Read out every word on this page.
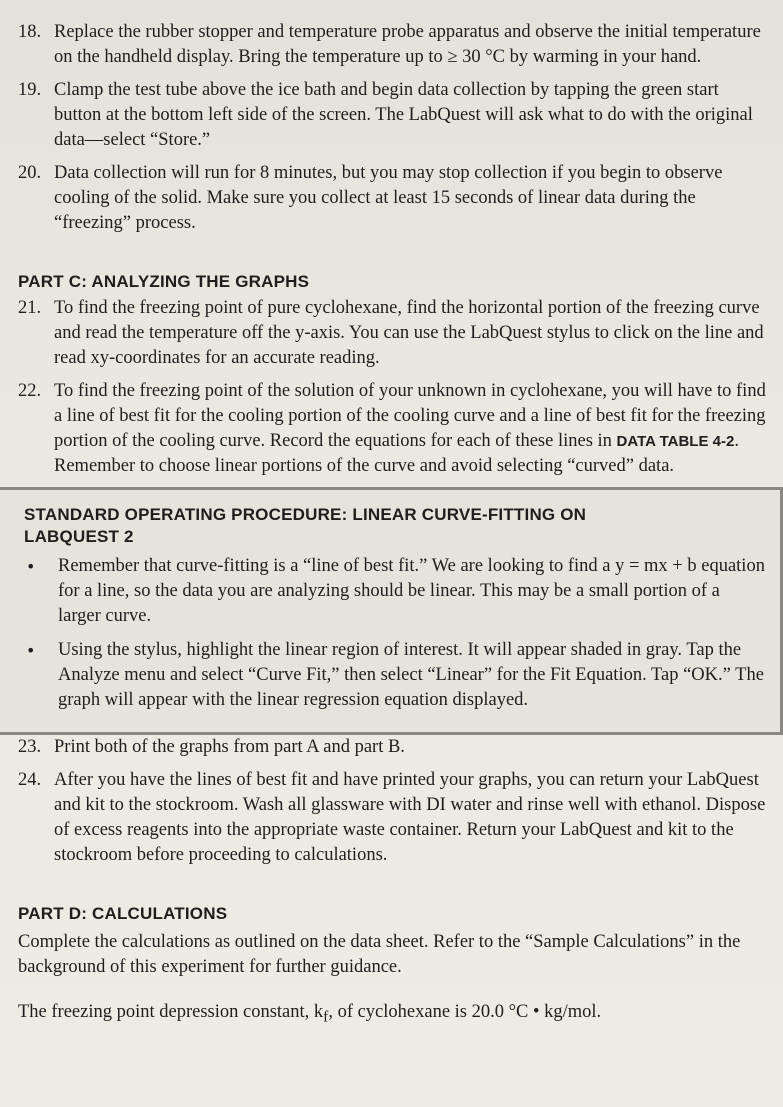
18. Replace the rubber stopper and temperature probe apparatus and observe the initial temperature on the handheld display. Bring the temperature up to ≥ 30 °C by warming in your hand.
19. Clamp the test tube above the ice bath and begin data collection by tapping the green start button at the bottom left side of the screen. The LabQuest will ask what to do with the original data—select “Store.”
20. Data collection will run for 8 minutes, but you may stop collection if you begin to observe cooling of the solid. Make sure you collect at least 15 seconds of linear data during the “freezing” process.
PART C: ANALYZING THE GRAPHS
21. To find the freezing point of pure cyclohexane, find the horizontal portion of the freezing curve and read the temperature off the y-axis. You can use the LabQuest stylus to click on the line and read xy-coordinates for an accurate reading.
22. To find the freezing point of the solution of your unknown in cyclohexane, you will have to find a line of best fit for the cooling portion of the cooling curve and a line of best fit for the freezing portion of the cooling curve. Record the equations for each of these lines in DATA TABLE 4-2. Remember to choose linear portions of the curve and avoid selecting “curved” data.
STANDARD OPERATING PROCEDURE: LINEAR CURVE-FITTING ON
LABQUEST 2
• Remember that curve-fitting is a “line of best fit.” We are looking to find a y = mx + b equation for a line, so the data you are analyzing should be linear. This may be a small portion of a larger curve.
• Using the stylus, highlight the linear region of interest. It will appear shaded in gray. Tap the Analyze menu and select “Curve Fit,” then select “Linear” for the Fit Equation. Tap “OK.” The graph will appear with the linear regression equation displayed.
23. Print both of the graphs from part A and part B.
24. After you have the lines of best fit and have printed your graphs, you can return your LabQuest and kit to the stockroom. Wash all glassware with DI water and rinse well with ethanol. Dispose of excess reagents into the appropriate waste container. Return your LabQuest and kit to the stockroom before proceeding to calculations.
PART D: CALCULATIONS

Complete the calculations as outlined on the data sheet. Refer to the “Sample Calculations” in the background of this experiment for further guidance.

The freezing point depression constant, $k_f$, of cyclohexane is 20.0 °C • kg/mol.
